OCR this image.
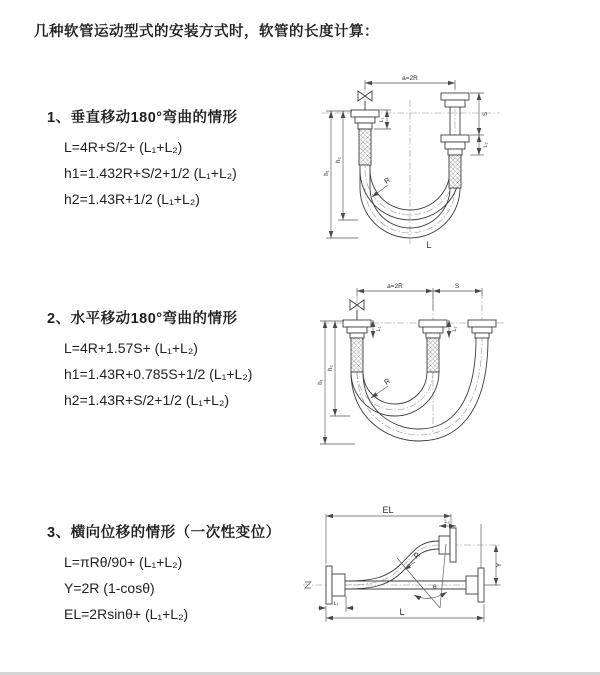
几种软管运动型式的安装方式时，软管的长度计算：

1、垂直移动180°弯曲的情形

L=4R+S/2+ (L₁+L₂)

h1=1.432R+S/2+1/2 (L₁+L₂)

h2=1.43R+1/2 (L₁+L₂)

2、水平移动180°弯曲的情形

L=4R+1.57S+ (L₁+L₂)

h1=1.43R+0.785S+1/2 (L₁+L₂)

h2=1.43R+S/2+1/2 (L₁+L₂)

3、横向位移的情形（一次性变位）

L=πRθ/90+ (L₁+L₂)

Y=2R (1-cosθ)

EL=2Rsinθ+ (L₁+L₂)

a=2R
L₁
S
L₂
h₁
h₂
R
L
a=2R	S
h₁
h₂
L₁	L₂
R
θ
EL
L₂
Y
L
L₁
R
